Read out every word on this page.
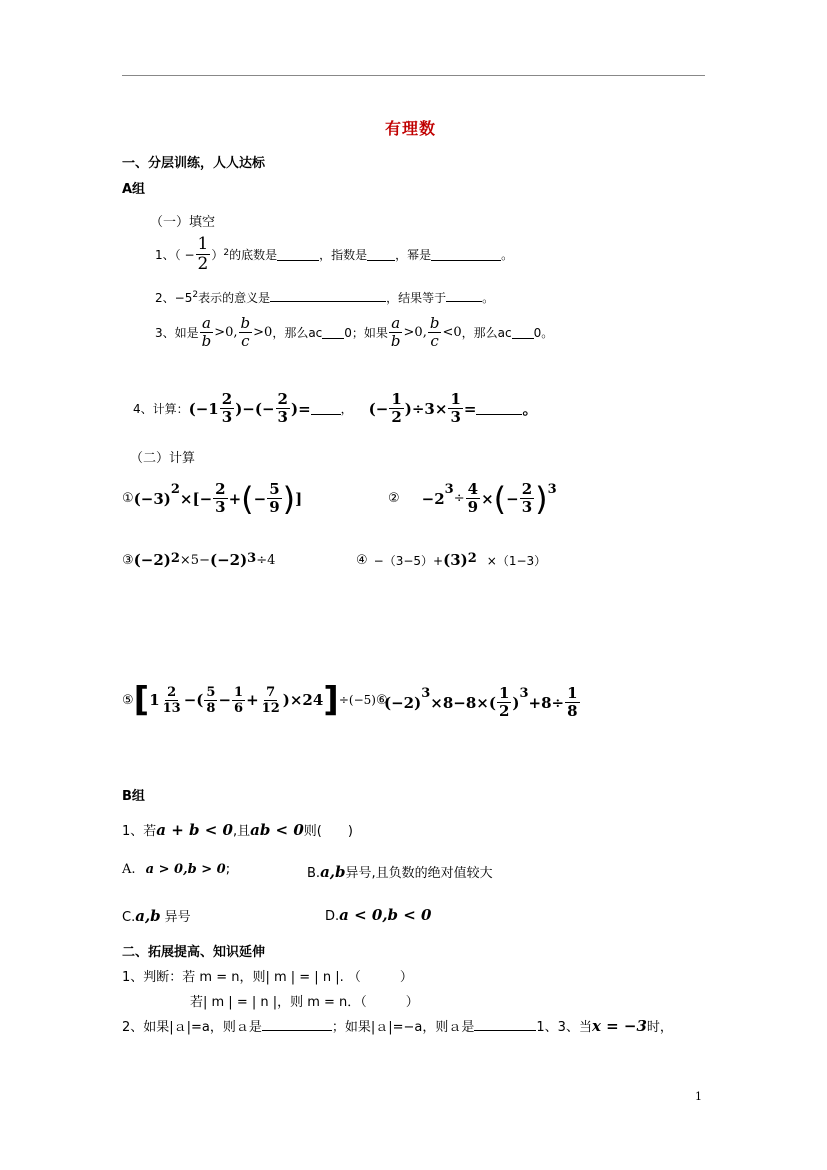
有理数
一、分层训练，人人达标
A组
（一）填空
1、（ − $\frac{1}{2}$ ） 2 的底数是	，指数是 ，幂是	。
2、$-5^2$表示的意义是	，结果等于	。
3、如是 $\frac{a}{b} >0$, $\frac{b}{c} >0$ ，那么ac 0；如果 $\frac{a}{b} >0$, $\frac{b}{c} <0$ ，那么ac 0。
4、计算： ($-1 \frac{2}{3}$ )−(− $\frac{2}{3}$ )=	， (− $\frac{1}{2} )\div 3\times \frac{1}{3}$ =	。
（二）计算
① $(-3)^2$ ×[− $\frac{2}{3}$ + ( − $\frac{5}{9}$ ) ]	② $-2^3$
÷ $\frac{4}{9}$ × ( − $\frac{2}{3} )^3$
③ (−2) 2 ×5− (−2) 3 ÷4	④ −（3−5）+ (3) 2 ×（1−3）
⑤ [ $1 \frac{2}{13}$ −( $\frac{5}{8} - \frac{1}{6} + \frac{7}{12} )\times 24$ ] ÷(−5) ⑥
$(-2)^3 \times 8-8\times( \frac{1}{2} )^3 +8\div \frac{1}{8}$
B组
1、若a + b < 0,且ab < 0则(　　)
A. a > 0,b > 0;	B.a,b异号,且负数的绝对值较大
C.a,b 异号	D.a < 0,b < 0
二、拓展提高、知识延伸
1、判断：若 m = n，则| m | = | n |. （　　　）
若| m | = | n |，则 m = n．（　　　）
2、如果|ａ|=a，则ａ是	；如果|ａ|=−a，则ａ是	1、3、当x = −3时，
1
